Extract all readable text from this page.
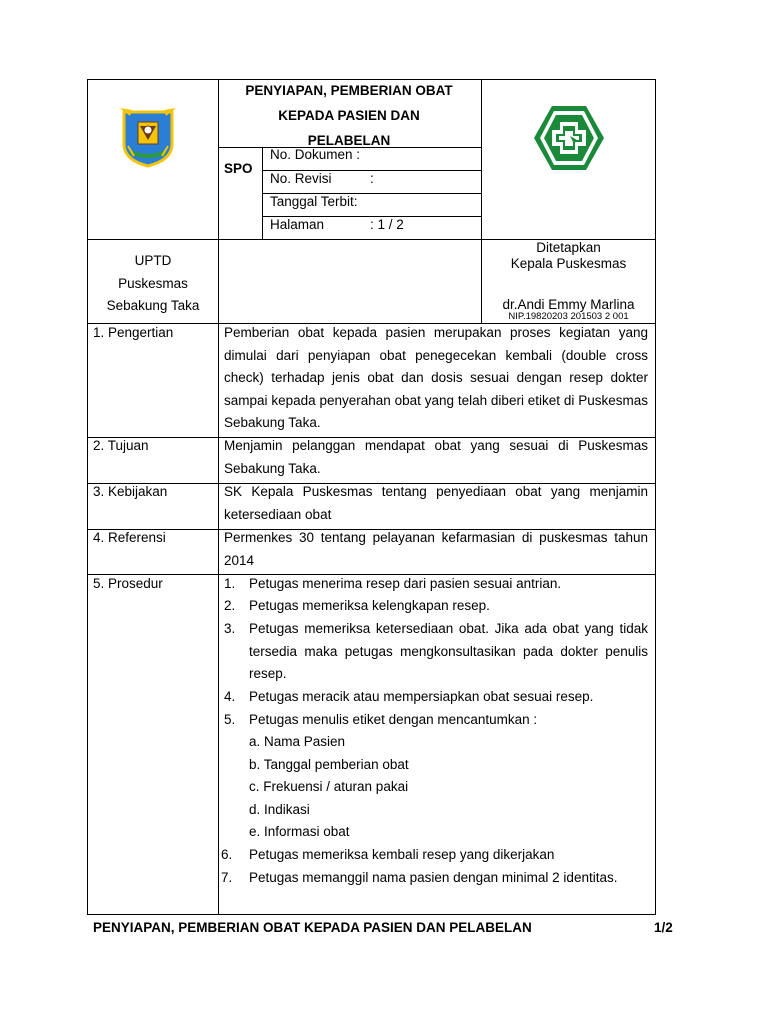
PENYIAPAN, PEMBERIAN OBAT
KEPADA PASIEN DAN
PELABELAN
SPO
No. Dokumen :
No. Revisi	:
Tanggal Terbit:
Halaman	: 1 / 2
UPTD
Puskesmas
Sebakung Taka
Ditetapkan
Kepala Puskesmas
dr.Andi Emmy Marlina
NIP.19820203 201503 2 001
1. Pengertian	Pemberian obat kepada pasien merupakan proses kegiatan yang dimulai dari penyiapan obat penegecekan kembali (double cross check) terhadap jenis obat dan dosis sesuai dengan resep dokter sampai kepada penyerahan obat yang telah diberi etiket di Puskesmas Sebakung Taka.
2. Tujuan	Menjamin pelanggan mendapat obat yang sesuai di Puskesmas Sebakung Taka.
3. Kebijakan	SK Kepala Puskesmas tentang penyediaan obat yang menjamin ketersediaan obat
4. Referensi	Permenkes 30 tentang pelayanan kefarmasian di puskesmas tahun 2014
5. Prosedur	1. Petugas menerima resep dari pasien sesuai antrian.
2. Petugas memeriksa kelengkapan resep.
3. Petugas memeriksa ketersediaan obat. Jika ada obat yang tidak tersedia maka petugas mengkonsultasikan pada dokter penulis resep.
4. Petugas meracik atau mempersiapkan obat sesuai resep.
5. Petugas menulis etiket dengan mencantumkan :
a. Nama Pasien
b. Tanggal pemberian obat
c. Frekuensi / aturan pakai
d. Indikasi
e. Informasi obat
6. Petugas memeriksa kembali resep yang dikerjakan
7. Petugas memanggil nama pasien dengan minimal 2 identitas.
PENYIAPAN, PEMBERIAN OBAT KEPADA PASIEN DAN PELABELAN	1/2
